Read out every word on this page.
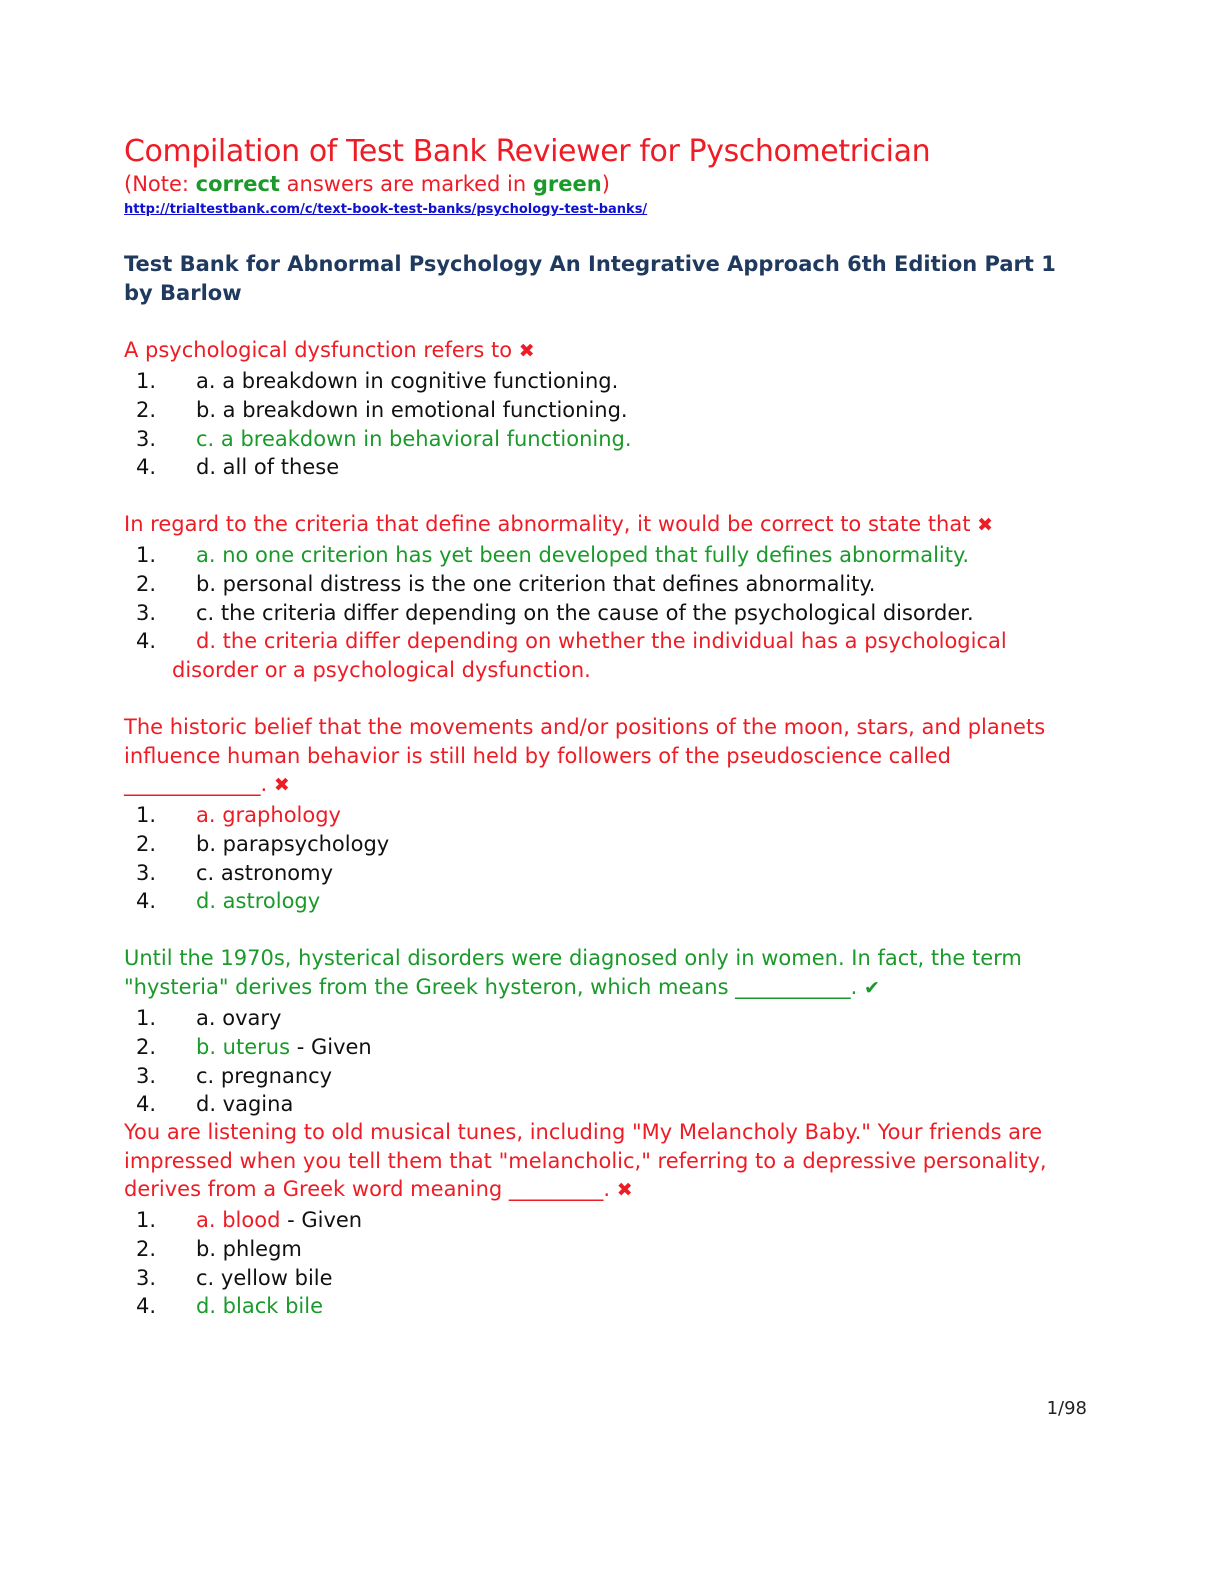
Compilation of Test Bank Reviewer for Pyschometrician
(Note: correct answers are marked in green)
http://trialtestbank.com/c/text-book-test-banks/psychology-test-banks/
Test Bank for Abnormal Psychology An Integrative Approach 6th Edition Part 1 by Barlow
A psychological dysfunction refers to ✖
1. a. a breakdown in cognitive functioning.
2. b. a breakdown in emotional functioning.
3. c. a breakdown in behavioral functioning.
4. d. all of these
In regard to the criteria that define abnormality, it would be correct to state that ✖
1. a. no one criterion has yet been developed that fully defines abnormality.
2. b. personal distress is the one criterion that defines abnormality.
3. c. the criteria differ depending on the cause of the psychological disorder.
4. d. the criteria differ depending on whether the individual has a psychological
disorder or a psychological dysfunction.
The historic belief that the movements and/or positions of the moon, stars, and planets influence human behavior is still held by followers of the pseudoscience called _____________. ✖
1. a. graphology
2. b. parapsychology
3. c. astronomy
4. d. astrology
Until the 1970s, hysterical disorders were diagnosed only in women. In fact, the term "hysteria" derives from the Greek hysteron, which means ___________. ✔
1. a. ovary
2. b. uterus - Given
3. c. pregnancy
4. d. vagina
You are listening to old musical tunes, including "My Melancholy Baby." Your friends are impressed when you tell them that "melancholic," referring to a depressive personality, derives from a Greek word meaning _________. ✖
1. a. blood - Given
2. b. phlegm
3. c. yellow bile
4. d. black bile
1/98
